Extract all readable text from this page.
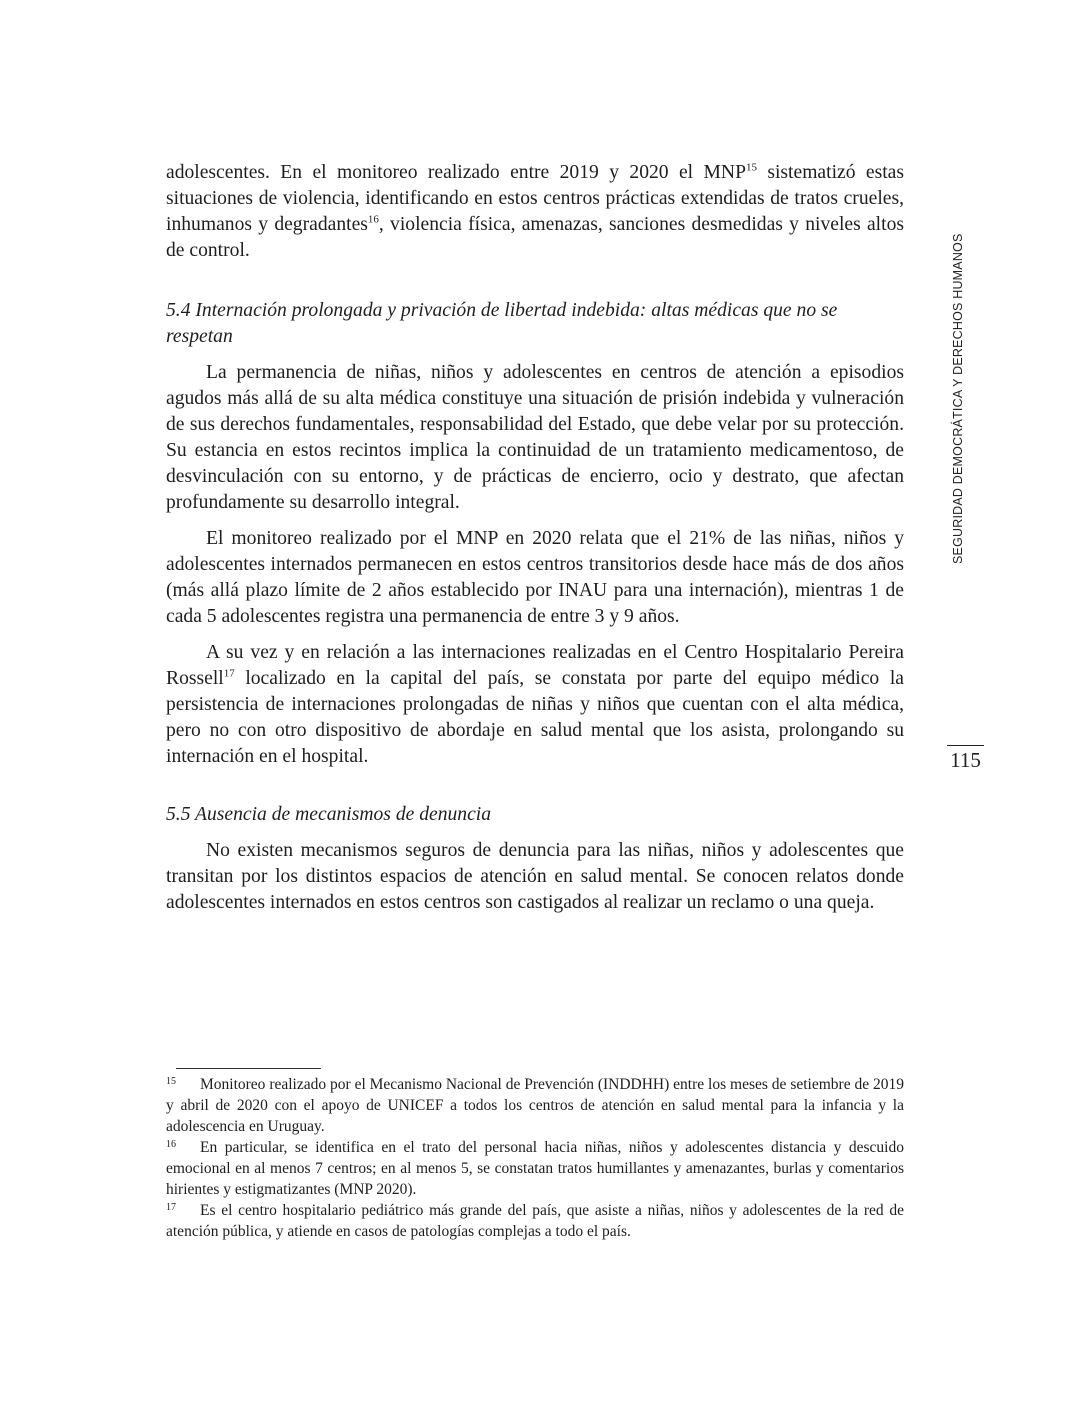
adolescentes. En el monitoreo realizado entre 2019 y 2020 el MNP$^{15}$ sistematizó estas situaciones de violencia, identificando en estos centros prácticas extendidas de tratos crueles, inhumanos y degradantes$^{16}$, violencia física, amenazas, sanciones desmedidas y niveles altos de control.

5.4 Internación prolongada y privación de libertad indebida: altas médicas que no se respetan

La permanencia de niñas, niños y adolescentes en centros de atención a episodios agudos más allá de su alta médica constituye una situación de prisión indebida y vulneración de sus derechos fundamentales, responsabilidad del Estado, que debe velar por su protección. Su estancia en estos recintos implica la continuidad de un tratamiento medicamentoso, de desvinculación con su entorno, y de prácticas de encierro, ocio y destrato, que afectan profundamente su desarrollo integral.

El monitoreo realizado por el MNP en 2020 relata que el 21% de las niñas, niños y adolescentes internados permanecen en estos centros transitorios desde hace más de dos años (más allá plazo límite de 2 años establecido por INAU para una internación), mientras 1 de cada 5 adolescentes registra una permanencia de entre 3 y 9 años.

A su vez y en relación a las internaciones realizadas en el Centro Hospitalario Pereira Rossell$^{17}$ localizado en la capital del país, se constata por parte del equipo médico la persistencia de internaciones prolongadas de niñas y niños que cuentan con el alta médica, pero no con otro dispositivo de abordaje en salud mental que los asista, prolongando su internación en el hospital.

5.5 Ausencia de mecanismos de denuncia

No existen mecanismos seguros de denuncia para las niñas, niños y adolescentes que transitan por los distintos espacios de atención en salud mental. Se conocen relatos donde adolescentes internados en estos centros son castigados al realizar un reclamo o una queja.

SEGURIDAD DEMOCRÁTICA Y DERECHOS HUMANOS
115

15 Monitoreo realizado por el Mecanismo Nacional de Prevención (INDDHH) entre los meses de setiembre de 2019 y abril de 2020 con el apoyo de UNICEF a todos los centros de atención en salud mental para la infancia y la adolescencia en Uruguay.

16 En particular, se identifica en el trato del personal hacia niñas, niños y adolescentes distancia y descuido emocional en al menos 7 centros; en al menos 5, se constatan tratos humillantes y amenazantes, burlas y comentarios hirientes y estigmatizantes (MNP 2020).

17 Es el centro hospitalario pediátrico más grande del país, que asiste a niñas, niños y adolescentes de la red de atención pública, y atiende en casos de patologías complejas a todo el país.
